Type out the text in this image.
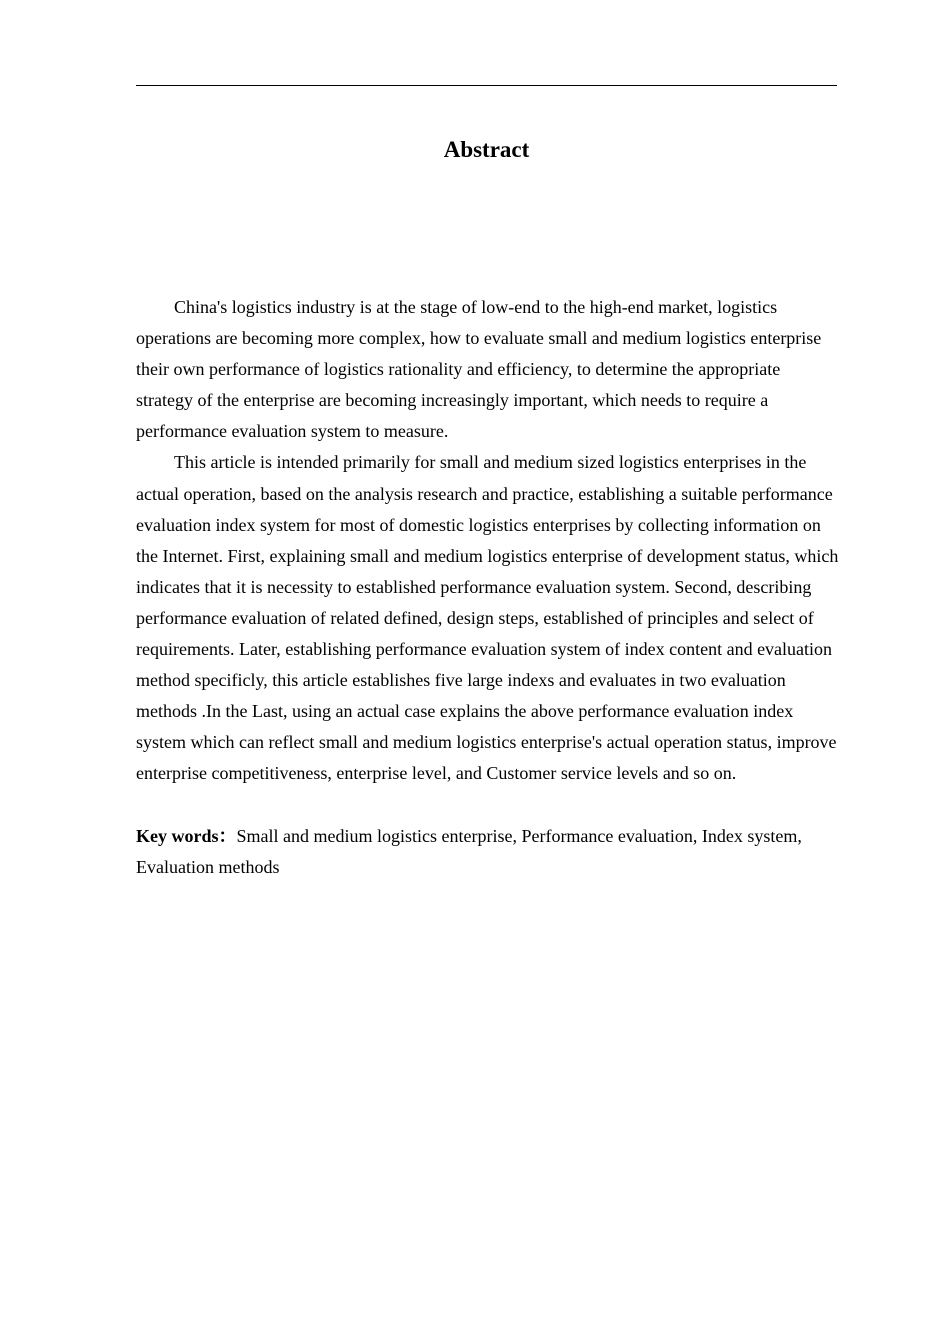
Abstract

China's logistics industry is at the stage of low-end to the high-end market, logistics operations are becoming more complex, how to evaluate small and medium logistics enterprise their own performance of logistics rationality and efficiency, to determine the appropriate strategy of the enterprise are becoming increasingly important, which needs to require a performance evaluation system to measure.

This article is intended primarily for small and medium sized logistics enterprises in the actual operation, based on the analysis research and practice, establishing a suitable performance evaluation index system for most of domestic logistics enterprises by collecting information on the Internet. First, explaining small and medium logistics enterprise of development status, which indicates that it is necessity to established performance evaluation system. Second, describing performance evaluation of related defined, design steps, established of principles and select of requirements. Later, establishing performance evaluation system of index content and evaluation method specificly, this article establishes five large indexs and evaluates in two evaluation methods .In the Last, using an actual case explains the above performance evaluation index system which can reflect small and medium logistics enterprise's actual operation status, improve enterprise competitiveness, enterprise level, and Customer service levels and so on.

Key words：Small and medium logistics enterprise, Performance evaluation, Index system, Evaluation methods
